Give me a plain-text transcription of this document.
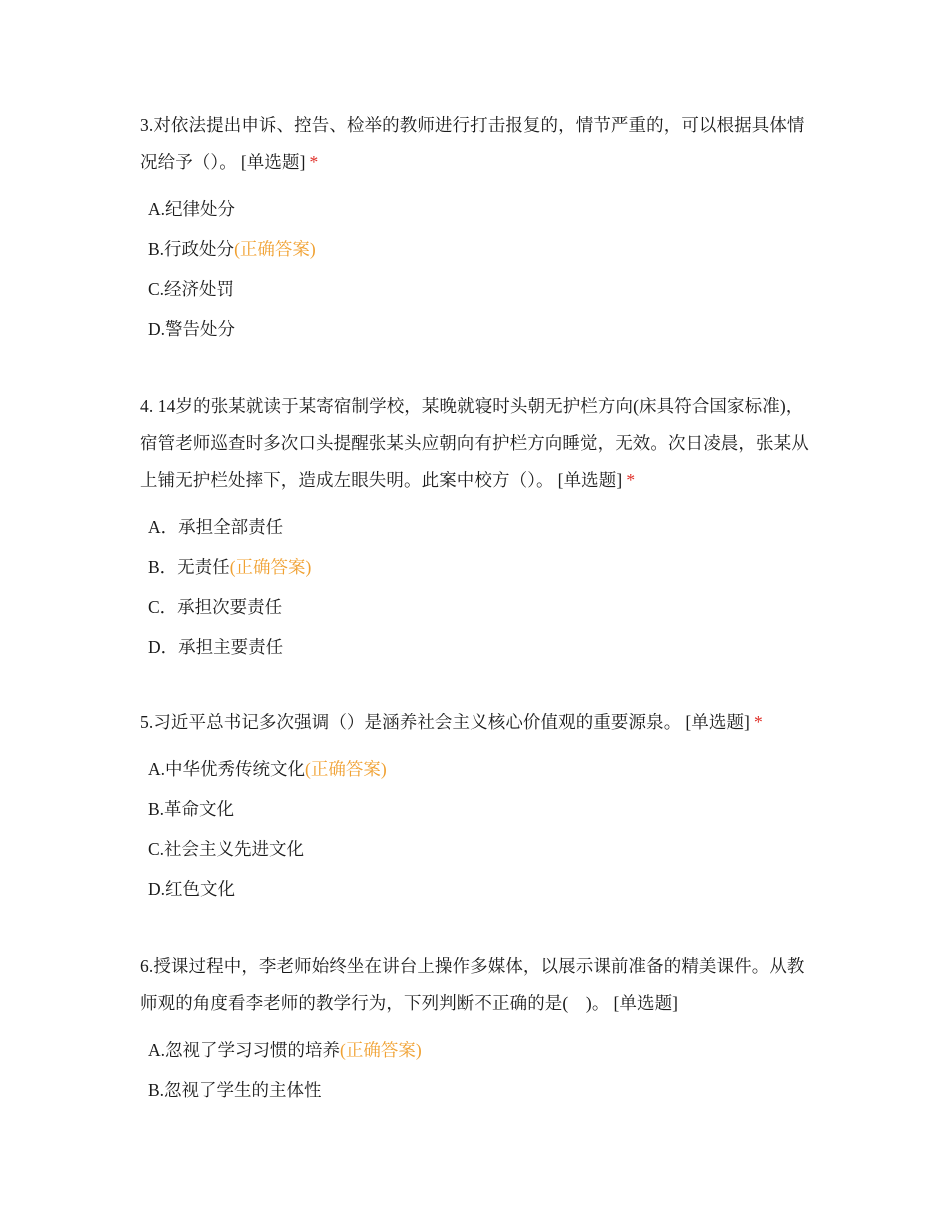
3.对依法提出申诉、控告、检举的教师进行打击报复的，情节严重的，可以根据具体情况给予（）。 [单选题] *

A.纪律处分
B.行政处分(正确答案)
C.经济处罚
D.警告处分

4. 14岁的张某就读于某寄宿制学校，某晚就寝时头朝无护栏方向(床具符合国家标准)，宿管老师巡查时多次口头提醒张某头应朝向有护栏方向睡觉，无效。次日凌晨，张某从上铺无护栏处摔下，造成左眼失明。此案中校方（）。 [单选题] *

A．承担全部责任
B．无责任(正确答案)
C．承担次要责任
D．承担主要责任

5.习近平总书记多次强调（）是涵养社会主义核心价值观的重要源泉。 [单选题] *

A.中华优秀传统文化(正确答案)
B.革命文化
C.社会主义先进文化
D.红色文化

6.授课过程中，李老师始终坐在讲台上操作多媒体，以展示课前准备的精美课件。从教师观的角度看李老师的教学行为，下列判断不正确的是(　)。 [单选题]

A.忽视了学习习惯的培养(正确答案)
B.忽视了学生的主体性
